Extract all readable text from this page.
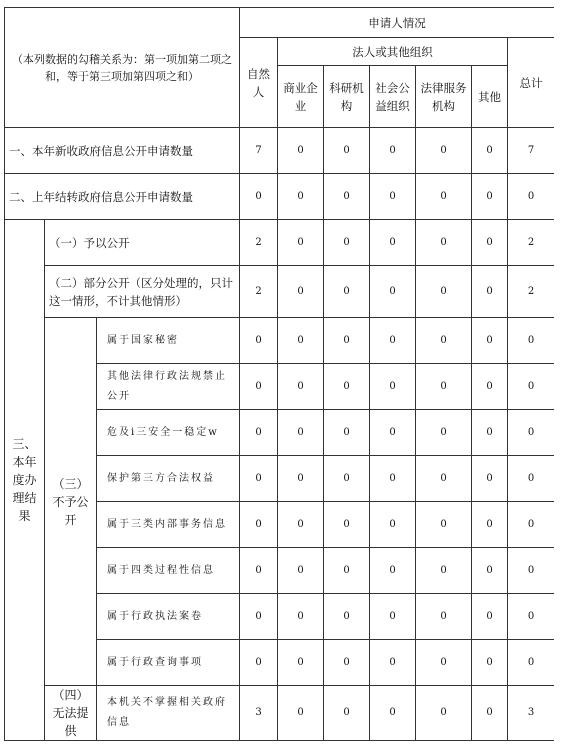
（本列数据的勾稽关系为：第一项加第二项之和，等于第三项加第四项之和）			申请人情况						
			自然人	法人或其他组织					总计
				商业企业	科研机构	社会公益组织	法律服务机构	其他	
一、本年新收政府信息公开申请数量			7	0	0	0	0	0	7
二、上年结转政府信息公开申请数量			0	0	0	0	0	0	0
三、本年度办理结果	（一）予以公开		2	0	0	0	0	0	2
	（二）部分公开（区分处理的，只计这一情形，不计其他情形）		2	0	0	0	0	0	2
	（三）不予公开	属于国家秘密	0	0	0	0	0	0	0
		其他法律行政法规禁止公开	0	0	0	0	0	0	0
		危及i三安全一稳定w	0	0	0	0	0	0	0
		保护第三方合法权益	0	0	0	0	0	0	0
		属于三类内部事务信息	0	0	0	0	0	0	0
		属于四类过程性信息	0	0	0	0	0	0	0
		属于行政执法案卷	0	0	0	0	0	0	0
		属于行政查询事项	0	0	0	0	0	0	0
	（四）无法提供	本机关不掌握相关政府信息	3	0	0	0	0	0	3
